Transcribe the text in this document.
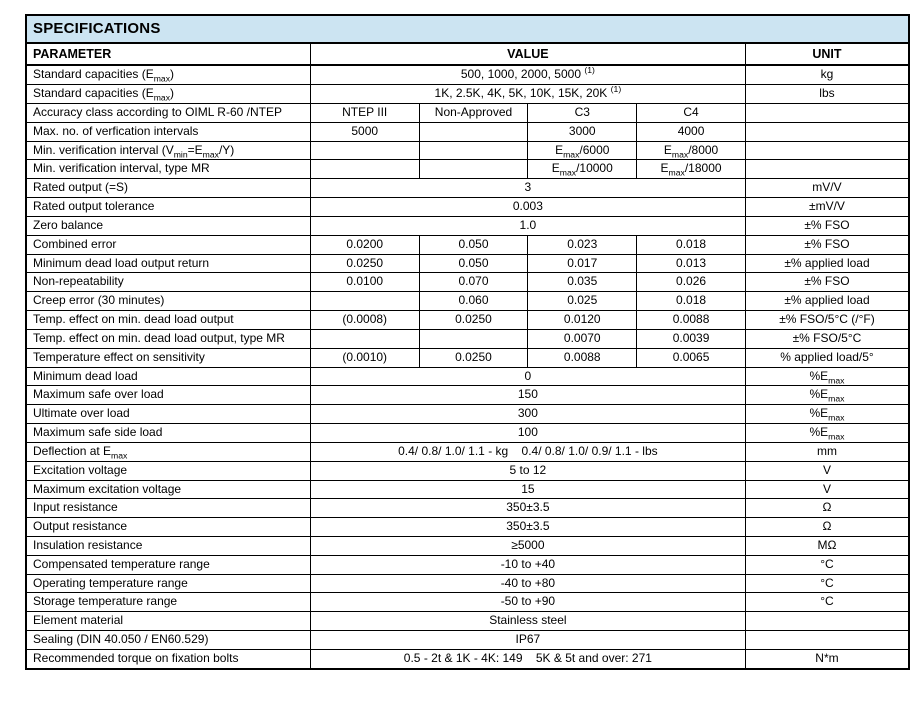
SPECIFICATIONS					
PARAMETER	VALUE				UNIT
Standard capacities $(E_{max})$	500, 1000, 2000, 5000 $^{(1)}$				kg
Standard capacities $(E_{max})$	1K, 2.5K, 4K, 5K, 10K, 15K, 20K $^{(1)}$				lbs
Accuracy class according to OIML R-60 /NTEP	NTEP III	Non-Approved	C3	C4	
Max. no. of verfication intervals	5000		3000	4000	
Min. verification interval $(V_{min}=E_{max}/Y)$			$E_{max}/6000$	$E_{max}/8000$	
Min. verification interval, type MR			$E_{max}/10000$	$E_{max}/18000$	
Rated output (=S)	3				mV/V
Rated output tolerance	0.003				±mV/V
Zero balance	1.0				±% FSO
Combined error	0.0200	0.050	0.023	0.018	±% FSO
Minimum dead load output return	0.0250	0.050	0.017	0.013	±% applied load
Non-repeatability	0.0100	0.070	0.035	0.026	±% FSO
Creep error (30 minutes)		0.060	0.025	0.018	±% applied load
Temp. effect on min. dead load output	(0.0008)	0.0250	0.0120	0.0088	±% FSO/5°C (/°F)
Temp. effect on min. dead load output, type MR			0.0070	0.0039	±% FSO/5°C
Temperature effect on sensitivity	(0.0010)	0.0250	0.0088	0.0065	% applied load/5°
Minimum dead load	0				$\%E_{max}$
Maximum safe over load	150				$\%E_{max}$
Ultimate over load	300				$\%E_{max}$
Maximum safe side load	100				$\%E_{max}$
Deflection at $E_{max}$	0.4/ 0.8/ 1.0/ 1.1 - kg    0.4/ 0.8/ 1.0/ 0.9/ 1.1 - lbs				mm
Excitation voltage	5 to 12				V
Maximum excitation voltage	15				V
Input resistance	350±3.5				Ω
Output resistance	350±3.5				Ω
Insulation resistance	≥5000				MΩ
Compensated temperature range	-10 to +40				°C
Operating temperature range	-40 to +80				°C
Storage temperature range	-50 to +90				°C
Element material	Stainless steel				
Sealing (DIN 40.050 / EN60.529)	IP67				
Recommended torque on fixation bolts	0.5 - 2t & 1K - 4K: 149    5K & 5t and over: 271				N*m
